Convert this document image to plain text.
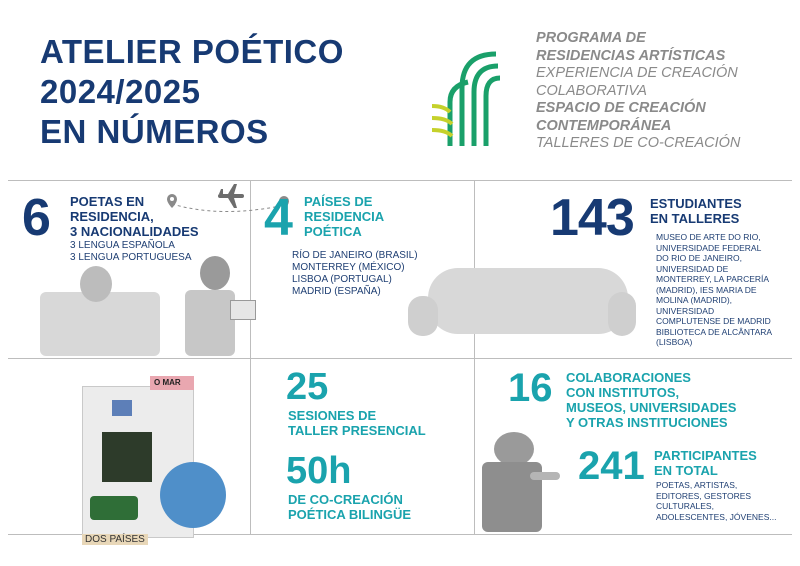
ATELIER POÉTICO
2024/2025
EN NÚMEROS
PROGRAMA DE
RESIDENCIAS ARTÍSTICAS
EXPERIENCIA DE CREACIÓN
COLABORATIVA
ESPACIO DE CREACIÓN
CONTEMPORÁNEA
TALLERES DE CO-CREACIÓN
6 POETAS EN
RESIDENCIA,
3 NACIONALIDADES
3 LENGUA ESPAÑOLA
3 LENGUA PORTUGUESA
4 PAÍSES DE
RESIDENCIA
POÉTICA
RÍO DE JANEIRO (BRASIL)
MONTERREY (MÉXICO)
LISBOA (PORTUGAL)
MADRID (ESPAÑA)
143 ESTUDIANTES
EN TALLERES
MUSEO DE ARTE DO RIO,
UNIVERSIDADE FEDERAL
DO RIO DE JANEIRO,
UNIVERSIDAD DE
MONTERREY, LA PARCERÍA
(MADRID), IES MARIA DE
MOLINA (MADRID),
UNIVERSIDAD
COMPLUTENSE DE MADRID
BIBLIOTECA DE ALCÂNTARA
(LISBOA)
O MAR
DOS PAÍSES
25
SESIONES DE
TALLER PRESENCIAL
50h
DE CO-CREACIÓN
POÉTICA BILINGÜE
16 COLABORACIONES
CON INSTITUTOS,
MUSEOS, UNIVERSIDADES
Y OTRAS INSTITUCIONES
241 PARTICIPANTES
EN TOTAL
POETAS, ARTISTAS,
EDITORES, GESTORES
CULTURALES,
ADOLESCENTES, JÓVENES...
